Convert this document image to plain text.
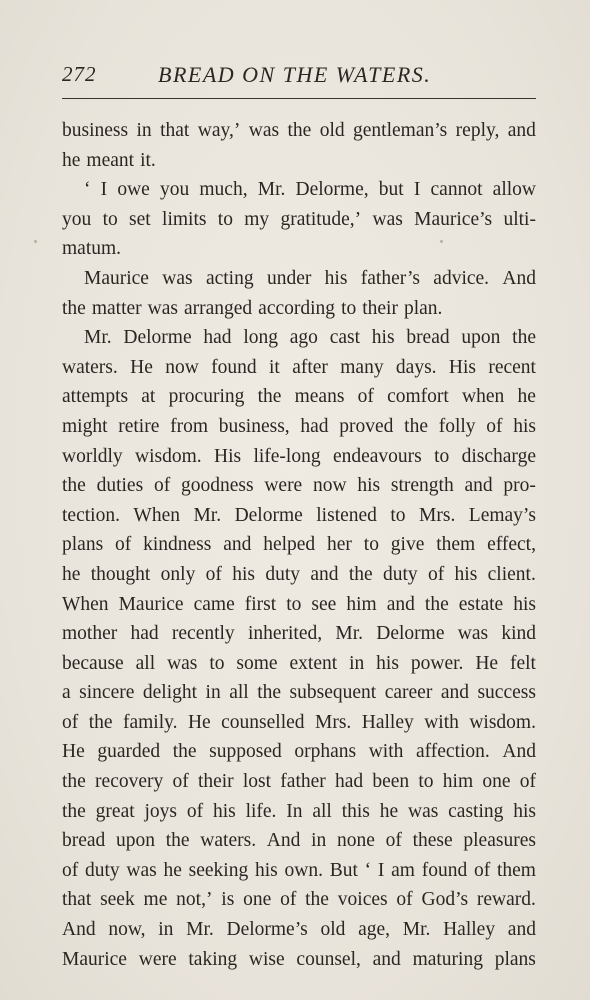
272	BREAD ON THE WATERS.
business in that way,’ was the old gentleman’s reply, and
he meant it.
‘ I owe you much, Mr. Delorme, but I cannot allow
you to set limits to my gratitude,’ was Maurice’s ulti-
matum.
Maurice was acting under his father’s advice. And
the matter was arranged according to their plan.
Mr. Delorme had long ago cast his bread upon the
waters. He now found it after many days. His recent
attempts at procuring the means of comfort when he
might retire from business, had proved the folly of his
worldly wisdom. His life-long endeavours to discharge
the duties of goodness were now his strength and pro-
tection. When Mr. Delorme listened to Mrs. Lemay’s
plans of kindness and helped her to give them effect,
he thought only of his duty and the duty of his client.
When Maurice came first to see him and the estate his
mother had recently inherited, Mr. Delorme was kind
because all was to some extent in his power. He felt
a sincere delight in all the subsequent career and success
of the family. He counselled Mrs. Halley with wisdom.
He guarded the supposed orphans with affection. And
the recovery of their lost father had been to him one of
the great joys of his life. In all this he was casting his
bread upon the waters. And in none of these pleasures
of duty was he seeking his own. But ‘ I am found of them
that seek me not,’ is one of the voices of God’s reward.
And now, in Mr. Delorme’s old age, Mr. Halley and
Maurice were taking wise counsel, and maturing plans
